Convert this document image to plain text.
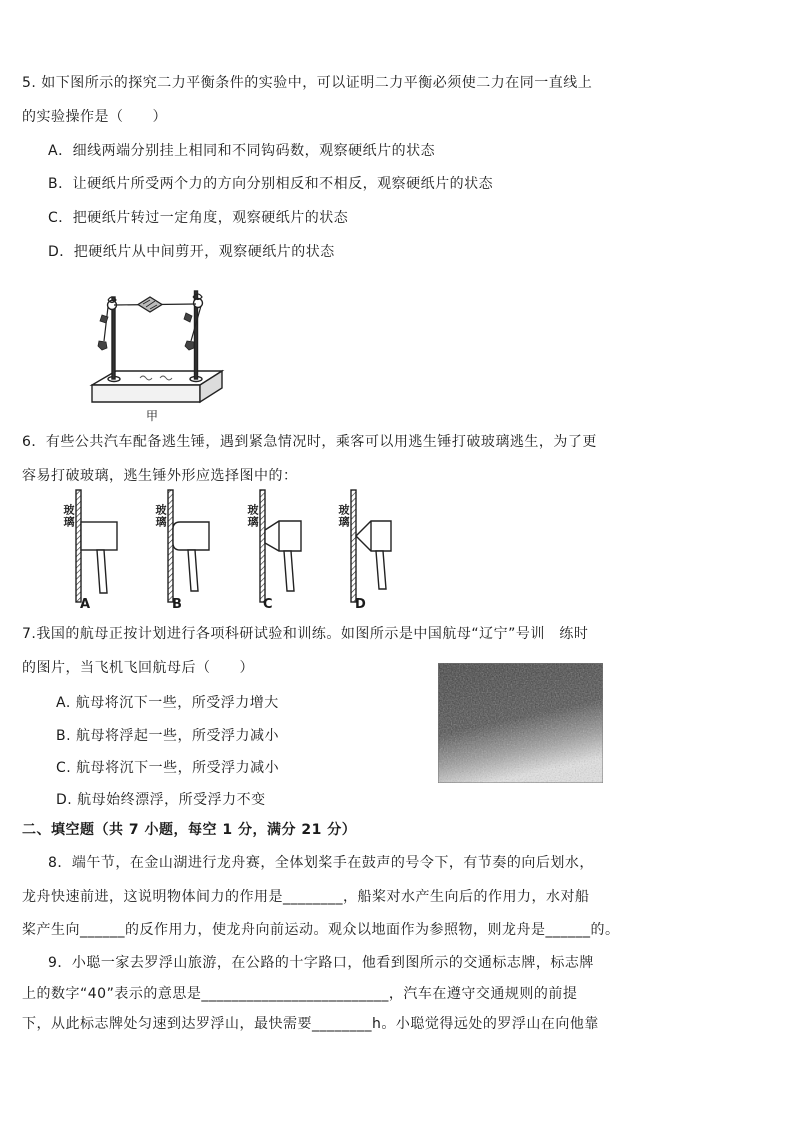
5. 如下图所示的探究二力平衡条件的实验中，可以证明二力平衡必须使二力在同一直线上
的实验操作是（　　）
A．细线两端分别挂上相同和不同钩码数，观察硬纸片的状态
B．让硬纸片所受两个力的方向分别相反和不相反，观察硬纸片的状态
C．把硬纸片转过一定角度，观察硬纸片的状态
D．把硬纸片从中间剪开，观察硬纸片的状态
甲
6．有些公共汽车配备逃生锤，遇到紧急情况时，乘客可以用逃生锤打破玻璃逃生，为了更
容易打破玻璃，逃生锤外形应选择图中的：
玻璃	玻璃	玻璃	玻璃
A	B	C	D
7.我国的航母正按计划进行各项科研试验和训练。如图所示是中国航母“辽宁”号训　练时
的图片，当飞机飞回航母后（　　）
A. 航母将沉下一些，所受浮力增大
B. 航母将浮起一些，所受浮力减小
C. 航母将沉下一些，所受浮力减小
D. 航母始终漂浮，所受浮力不变
二、填空题（共 7 小题，每空 1 分，满分 21 分）
8．端午节，在金山湖进行龙舟赛，全体划桨手在鼓声的号令下，有节奏的向后划水，
龙舟快速前进，这说明物体间力的作用是________，船桨对水产生向后的作用力，水对船
桨产生向______的反作用力，使龙舟向前运动。观众以地面作为参照物，则龙舟是______的。
9．小聪一家去罗浮山旅游，在公路的十字路口，他看到图所示的交通标志牌，标志牌
上的数字“40”表示的意思是_________________________，汽车在遵守交通规则的前提
下，从此标志牌处匀速到达罗浮山，最快需要________h。小聪觉得远处的罗浮山在向他靠
